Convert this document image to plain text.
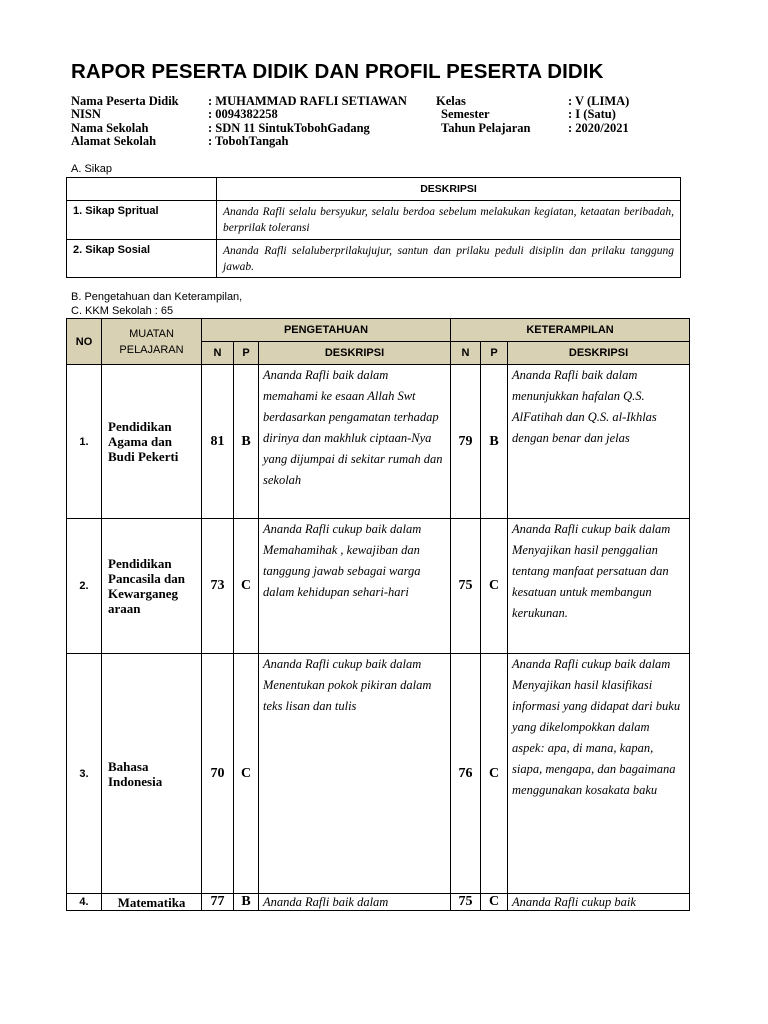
RAPOR PESERTA DIDIK DAN PROFIL PESERTA DIDIK
Nama Peserta Didik : MUHAMMAD RAFLI SETIAWAN
NISN	: 0094382258
Nama Sekolah	: SDN 11 SintukTobohGadang
Alamat Sekolah	: TobohTangah
Kelas	: V (LIMA)
Semester	: I (Satu)
Tahun Pelajaran	: 2020/2021
A. Sikap
	DESKRIPSI
1. Sikap Spritual	Ananda Rafli selalu bersyukur, selalu berdoa sebelum melakukan kegiatan, ketaatan beribadah, berprilak toleransi
2. Sikap Sosial	Ananda Rafli selaluberprilakujujur, santun dan prilaku peduli disiplin dan prilaku tanggung jawab.
B. Pengetahuan dan Keterampilan,
C. KKM Sekolah : 65
NO	MUATAN PELAJARAN	PENGETAHUAN			KETERAMPILAN		
		N	P	DESKRIPSI	N	P	DESKRIPSI
1.	Pendidikan Agama dan Budi Pekerti	81	B	Ananda Rafli baik dalam memahami ke esaan Allah Swt berdasarkan pengamatan terhadap dirinya dan makhluk ciptaan-Nya yang dijumpai di sekitar rumah dan sekolah	79	B	Ananda Rafli baik dalam menunjukkan hafalan Q.S. AlFatihah dan Q.S. al-Ikhlas dengan benar dan jelas
2.	Pendidikan Pancasila dan Kewarganeg araan	73	C	Ananda Rafli cukup baik dalam Memahamihak , kewajiban dan tanggung jawab sebagai warga dalam kehidupan sehari-hari	75	C	Ananda Rafli cukup baik dalam Menyajikan hasil penggalian tentang manfaat persatuan dan kesatuan untuk membangun kerukunan.
3.	Bahasa Indonesia	70	C	Ananda Rafli cukup baik dalam Menentukan pokok pikiran dalam teks lisan dan tulis	76	C	Ananda Rafli cukup baik dalam Menyajikan hasil klasifikasi informasi yang didapat dari buku yang dikelompokkan dalam aspek: apa, di mana, kapan, siapa, mengapa, dan bagaimana menggunakan kosakata baku
4.	Matematika	77	B	Ananda Rafli baik dalam	75	C	Ananda Rafli cukup baik
